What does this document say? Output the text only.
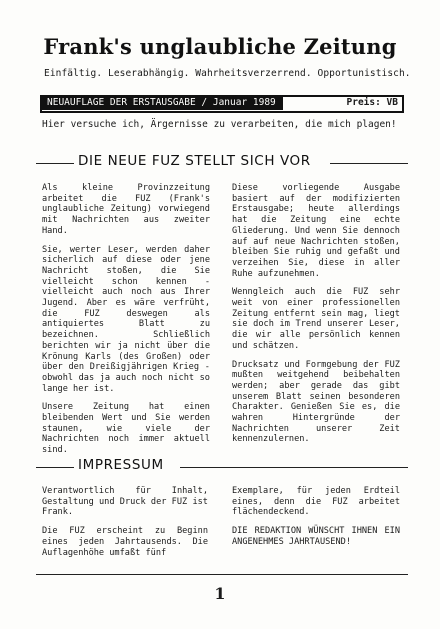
Frank's unglaubliche Zeitung
Einfältig. Leserabhängig. Wahrheitsverzerrend. Opportunistisch.
NEUAUFLAGE DER ERSTAUSGABE / Januar 1989	Preis: VB
Hier versuche ich, Ärgernisse zu verarbeiten, die mich plagen!
DIE NEUE FUZ STELLT SICH VOR

Als kleine Provinzzeitung arbeitet die FUZ (Frank's unglaubliche Zeitung) vorwiegend mit Nachrichten aus zweiter Hand.

Sie, werter Leser, werden daher sicherlich auf diese oder jene Nachricht stoßen, die Sie vielleicht schon kennen - vielleicht auch noch aus Ihrer Jugend. Aber es wäre verfrüht, die FUZ deswegen als antiquiertes Blatt zu bezeichnen. Schließlich berichten wir ja nicht über die Krönung Karls (des Großen) oder über den Dreißigjährigen Krieg - obwohl das ja auch noch nicht so lange her ist.

Unsere Zeitung hat einen bleibenden Wert und Sie werden staunen, wie viele der Nachrichten noch immer aktuell sind.

Diese vorliegende Ausgabe basiert auf der modifizierten Erstausgabe; heute allerdings hat die Zeitung eine echte Gliederung. Und wenn Sie dennoch auf auf neue Nachrichten stoßen, bleiben Sie ruhig und gefaßt und verzeihen Sie, diese in aller Ruhe aufzunehmen.

Wenngleich auch die FUZ sehr weit von einer professionellen Zeitung entfernt sein mag, liegt sie doch im Trend unserer Leser, die wir alle persönlich kennen und schätzen.

Drucksatz und Formgebung der FUZ mußten weitgehend beibehalten werden; aber gerade das gibt unserem Blatt seinen besonderen Charakter. Genießen Sie es, die wahren Hintergründe der Nachrichten unserer Zeit kennenzulernen.

IMPRESSUM

Verantwortlich für Inhalt, Gestaltung und Druck der FUZ ist Frank.

Die FUZ erscheint zu Beginn eines jeden Jahrtausends. Die Auflagenhöhe umfaßt fünf

Exemplare, für jeden Erdteil eines, denn die FUZ arbeitet flächendeckend.

DIE REDAKTION WÜNSCHT IHNEN EIN ANGENEHMES JAHRTAUSEND!

1
